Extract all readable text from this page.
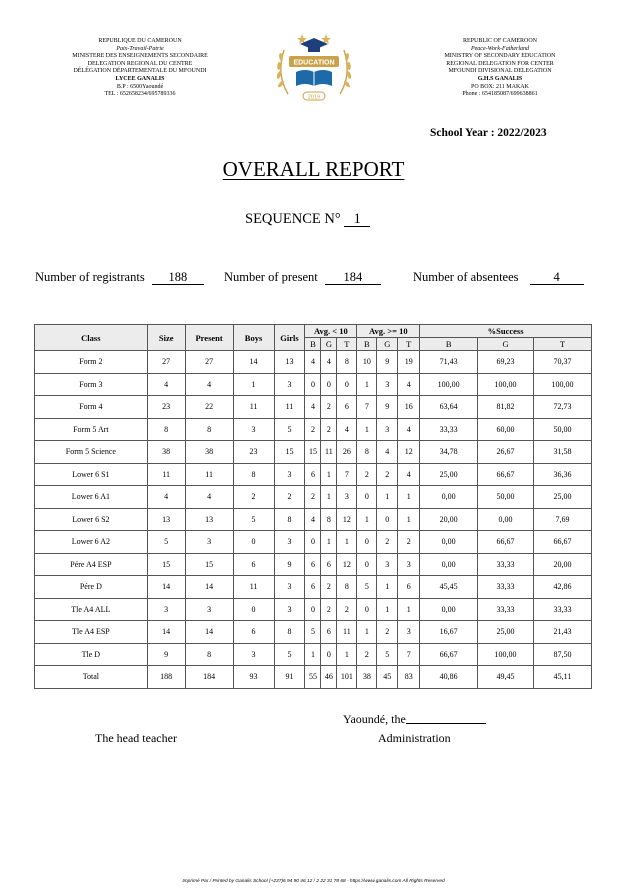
REPUBLIQUE DU CAMEROUN
Paix-Travail-Patrie
MINISTERE DES ENSEIGNEMENTS SECONDAIRE
DELEGATION REGIONAL DU CENTRE
DÉLÉGATION DÉPARTEMENTALE DU MFOUNDI
LYCEE GANALIS
B.P : 6500Yaoundé
TEL : 652658234/695789336
EDUCATION
2019
REPUBLIC OF CAMEROON
Peace-Work-Fatherland
MINISTRY OF SECONDARY EDUCATION
REGIONAL DELEGATION FOR CENTER
MFOUNDI DIVISIONAL DELEGATION
G.H.S GANALIS
PO BOX: 211 MAKAK
Phone : 654185087/699638861
School Year : 2022/2023
OVERALL REPORT
SEQUENCE N° 1
Number of registrants 188	Number of present 184	Number of absentees	4
Class	Size	Present	Boys	Girls	Avg. < 10			Avg. >= 10			%Success		
					B	G	T	B	G	T	B	G	T
Form 2	27	27	14	13	4	4	8	10	9	19	71,43	69,23	70,37
Form 3	4	4	1	3	0	0	0	1	3	4	100,00	100,00	100,00
Form 4	23	22	11	11	4	2	6	7	9	16	63,64	81,82	72,73
Form 5 Art	8	8	3	5	2	2	4	1	3	4	33,33	60,00	50,00
Form 5 Science	38	38	23	15	15	11	26	8	4	12	34,78	26,67	31,58
Lower 6 S1	11	11	8	3	6	1	7	2	2	4	25,00	66,67	36,36
Lower 6 A1	4	4	2	2	2	1	3	0	1	1	0,00	50,00	25,00
Lower 6 S2	13	13	5	8	4	8	12	1	0	1	20,00	0,00	7,69
Lower 6 A2	5	3	0	3	0	1	1	0	2	2	0,00	66,67	66,67
Pére A4 ESP	15	15	6	9	6	6	12	0	3	3	0,00	33,33	20,00
Pére D	14	14	11	3	6	2	8	5	1	6	45,45	33,33	42,86
Tle A4 ALL	3	3	0	3	0	2	2	0	1	1	0,00	33,33	33,33
Tle A4 ESP	14	14	6	8	5	6	11	1	2	3	16,67	25,00	21,43
Tle D	9	8	3	5	1	0	1	2	5	7	66,67	100,00	87,50
Total	188	184	93	91	55	46	101	38	45	83	40,86	49,45	45,11
Yaoundé, the
The head teacher	Administration
Imprimé Par / Printed by Ganalis School (+237)6 94 90 46 12 / 2 22 31 78 68 - https://www.ganalis.com All Rights Reserved
